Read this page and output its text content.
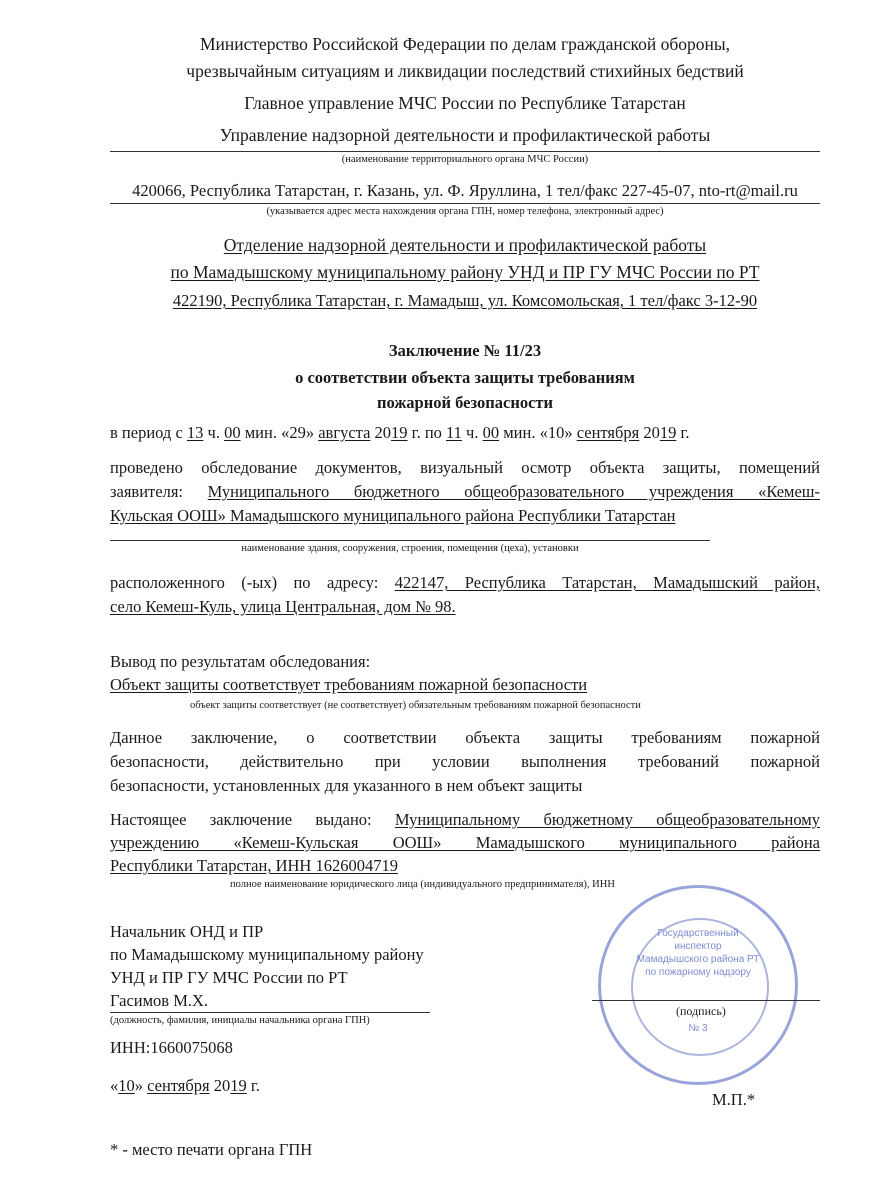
Министерство Российской Федерации по делам гражданской обороны,
чрезвычайным ситуациям и ликвидации последствий стихийных бедствий
Главное управление МЧС России по Республике Татарстан
Управление надзорной деятельности и профилактической работы
(наименование территориального органа МЧС России)
420066, Республика Татарстан, г. Казань, ул. Ф. Яруллина, 1 тел/факс 227-45-07, nto-rt@mail.ru
(указывается адрес места нахождения органа ГПН, номер телефона, электронный адрес)
Отделение надзорной деятельности и профилактической работы
по Мамадышскому муниципальному району УНД и ПР ГУ МЧС России по РТ
422190, Республика Татарстан, г. Мамадыш, ул. Комсомольская, 1 тел/факс 3-12-90
Заключение № 11/23
о соответствии объекта защиты требованиям
пожарной безопасности
в период с 13 ч. 00 мин. «29» августа 2019 г. по 11 ч. 00 мин. «10» сентября 2019 г.
проведено обследование документов, визуальный осмотр объекта защиты, помещений
заявителя: Муниципального бюджетного общеобразовательного учреждения «Кемеш-
Кульская ООШ» Мамадышского муниципального района Республики Татарстан
наименование здания, сооружения, строения, помещения (цеха), установки
расположенного (-ых) по адресу: 422147, Республика Татарстан, Мамадышский район,
село Кемеш-Куль, улица Центральная, дом № 98.
Вывод по результатам обследования:
Объект защиты соответствует требованиям пожарной безопасности
объект защиты соответствует (не соответствует) обязательным требованиям пожарной безопасности
Данное заключение, о соответствии объекта защиты требованиям пожарной
безопасности, действительно при условии выполнения требований пожарной
безопасности, установленных для указанного в нем объект защиты
Настоящее заключение выдано: Муниципальному бюджетному общеобразовательному
учреждению «Кемеш-Кульская ООШ» Мамадышского муниципального района
Республики Татарстан, ИНН 1626004719
полное наименование юридического лица (индивидуального предпринимателя), ИНН
Государственный
инспектор
Мамадышского района РТ
по пожарному надзору
№ 3
Начальник ОНД и ПР
по Мамадышскому муниципальному району
УНД и ПР ГУ МЧС России по РТ
Гасимов М.Х.
(должность, фамилия, инициалы начальника органа ГПН)
(подпись)
ИНН:1660075068
«10» сентября 2019 г.
М.П.*
* - место печати органа ГПН
